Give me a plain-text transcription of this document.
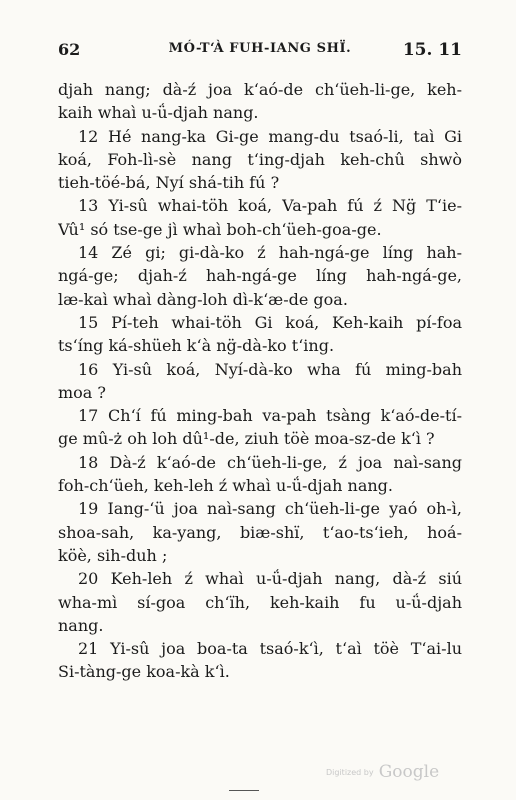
62	MÓ-T‘À FUH-IANG SHÏ.	15. 11
djah nang; dà-ź joa k‘aó-de ch‘üeh-li-ge, keh-
kaih whaì u-ǘ-djah nang.
12 Hé nang-ka Gi-ge mang-du tsaó-li, taì Gi
koá, Foh-lì-sè nang t‘ing-djah keh-chû shwò
tieh-töé-bá, Nyí shá-tih fú ?
13 Yi-sû whai-töh koá, Va-pah fú ź Ng̈ T‘ie-
Vû¹ só tse-ge jì whaì boh-ch‘üeh-goa-ge.
14 Zé gi; gi-dà-ko ź hah-ngá-ge líng hah-
ngá-ge; djah-ź hah-ngá-ge líng hah-ngá-ge,
læ-kaì whaì dàng-loh dì-k‘æ-de goa.
15 Pí-teh whai-töh Gi koá, Keh-kaih pí-foa
ts‘íng ká-shüeh k‘à ng̈-dà-ko t‘ing.
16 Yi-sû koá, Nyí-dà-ko wha fú ming-bah
moa ?
17 Ch‘í fú ming-bah va-pah tsàng k‘aó-de-tí-
ge mû-ż oh loh dû¹-de, ziuh töè moa-sz-de k‘ì ?
18 Dà-ź k‘aó-de ch‘üeh-li-ge, ź joa naì-sang
foh-ch‘üeh, keh-leh ź whaì u-ǘ-djah nang.
19 Iang-‘ü joa naì-sang ch‘üeh-li-ge yaó oh-ì,
shoa-sah, ka-yang, biæ-shï, t‘ao-ts‘ieh, hoá-
köè, sih-duh ;
20 Keh-leh ź whaì u-ǘ-djah nang, dà-ź siú
wha-mì sí-goa ch‘ïh, keh-kaih fu u-ǘ-djah
nang.
21 Yi-sû joa boa-ta tsaó-k‘ì, t‘aì töè T‘ai-lu
Si-tàng-ge koa-kà k‘ì.
Digitized by Google
